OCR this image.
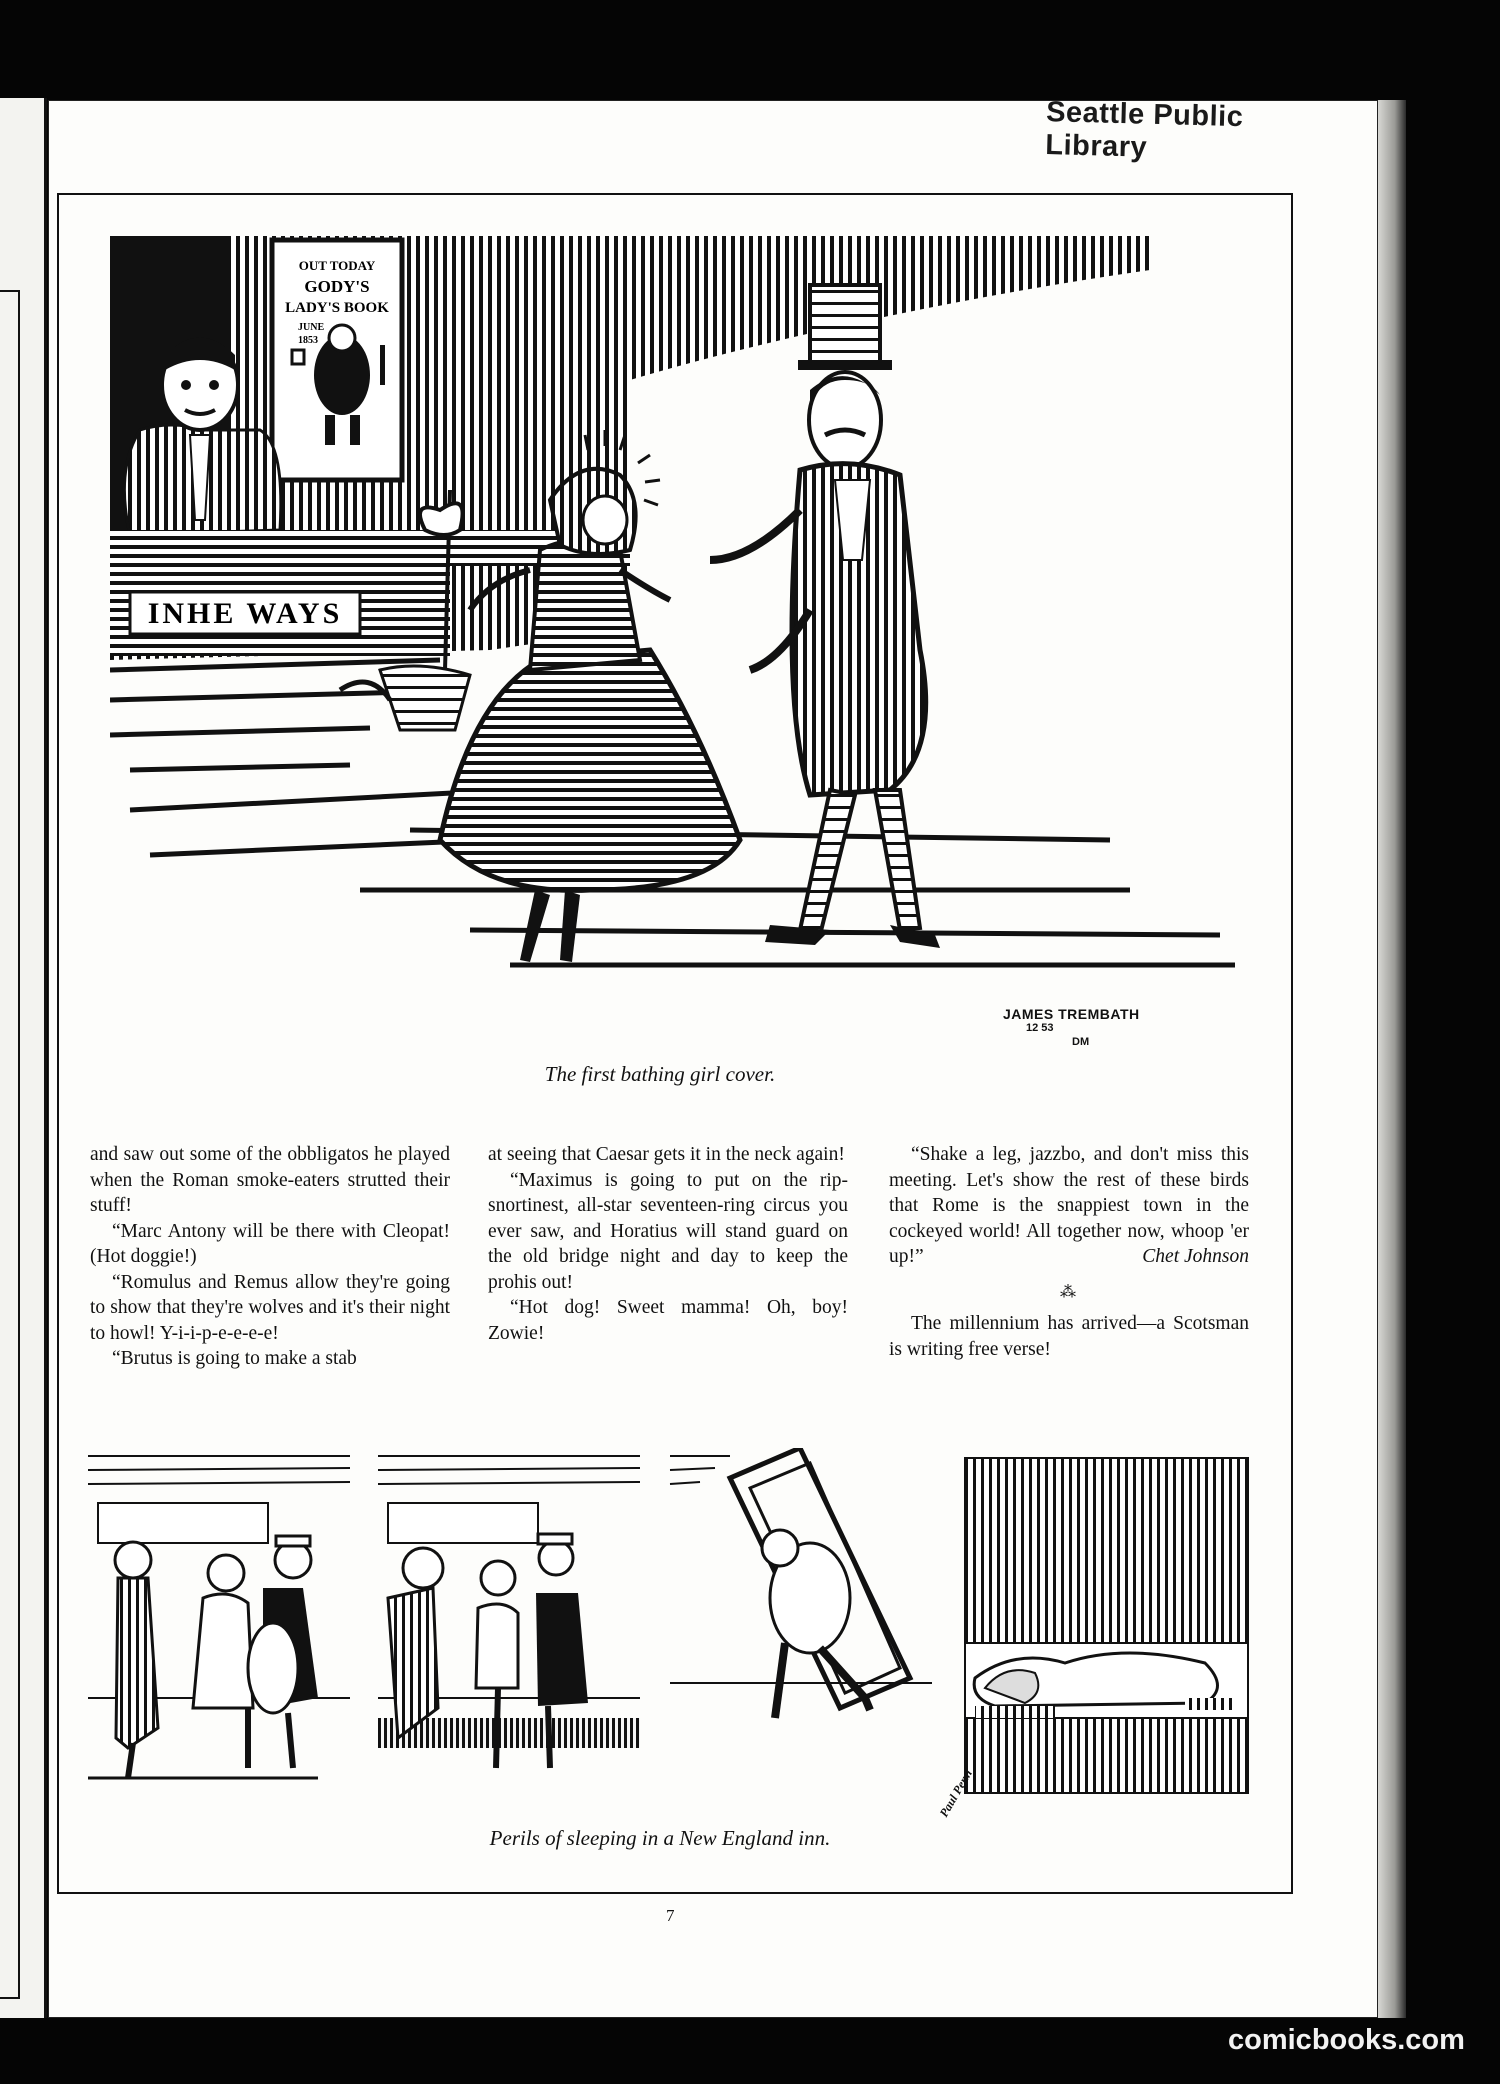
Seattle Public Library
OUT TODAY
GODY'S
LADY'S BOOK
JUNE
1853
INHE WAYS
JAMES TREMBATH
12 53
DM
The first bathing girl cover.

and saw out some of the obbligatos he played when the Roman smoke-eaters strutted their stuff!

“Marc Antony will be there with Cleopat! (Hot doggie!)

“Romulus and Remus allow they're going to show that they're wolves and it's their night to howl! Y-i-i-p-e-e-e-e!

“Brutus is going to make a stab

at seeing that Caesar gets it in the neck again!

“Maximus is going to put on the rip-snortinest, all-star seventeen-ring circus you ever saw, and Horatius will stand guard on the old bridge night and day to keep the prohis out!

“Hot dog! Sweet mamma! Oh, boy! Zowie!

“Shake a leg, jazzbo, and don't miss this meeting. Let's show the rest of these birds that Rome is the snappiest town in the cockeyed world! All together now, whoop 'er up!”	Chet Johnson
⁂

The millennium has arrived—a Scotsman is writing free verse!

Paul Penn
Perils of sleeping in a New England inn.
7
comicbooks.com
